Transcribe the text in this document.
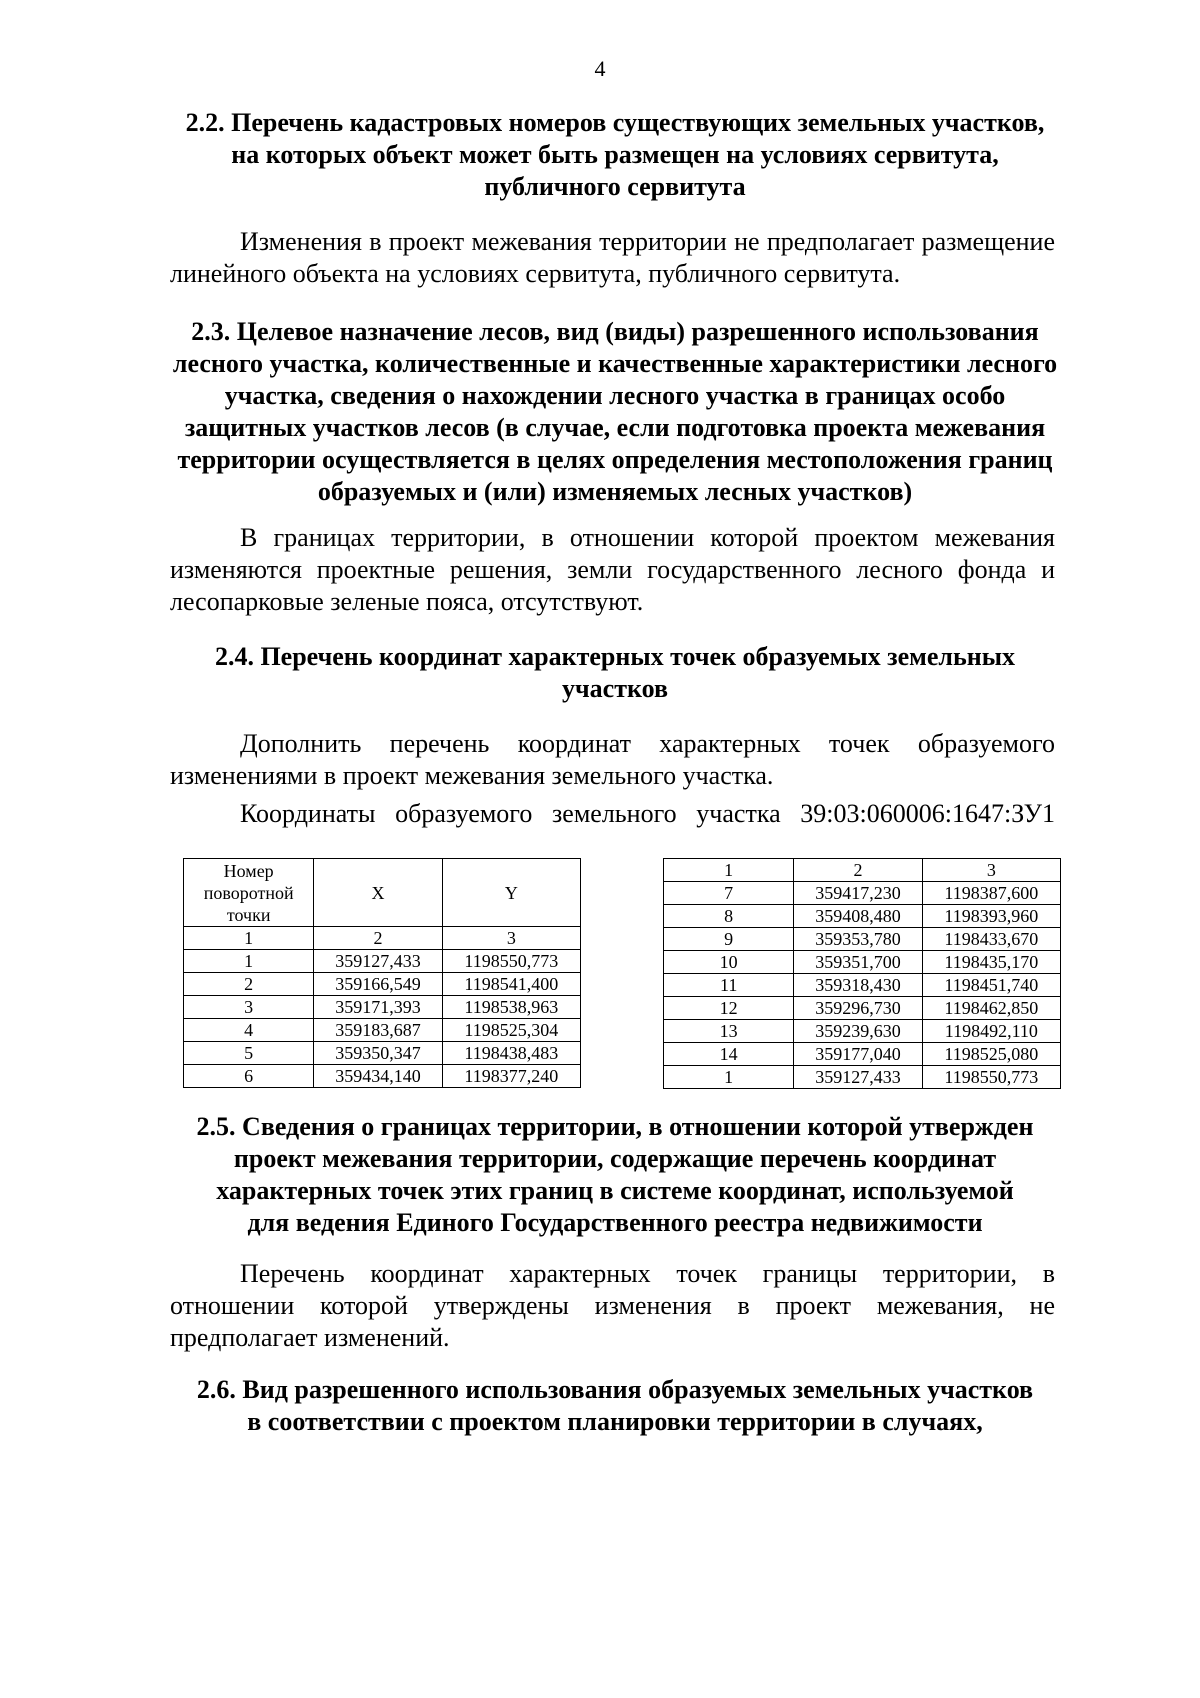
4
2.2. Перечень кадастровых номеров существующих земельных участков,
на которых объект может быть размещен на условиях сервитута,
публичного сервитута
Изменения в проект межевания территории не предполагает размещение линейного объекта на условиях сервитута, публичного сервитута.
2.3. Целевое назначение лесов, вид (виды) разрешенного использования
лесного участка, количественные и качественные характеристики лесного
участка, сведения о нахождении лесного участка в границах особо
защитных участков лесов (в случае, если подготовка проекта межевания
территории осуществляется в целях определения местоположения границ
образуемых и (или) изменяемых лесных участков)
В границах территории, в отношении которой проектом межевания изменяются проектные решения, земли государственного лесного фонда и лесопарковые зеленые пояса, отсутствуют.
2.4. Перечень координат характерных точек образуемых земельных
участков
Дополнить перечень координат характерных точек образуемого изменениями в проект межевания земельного участка.
Координаты образуемого земельного участка 39:03:060006:1647:ЗУ1
Номер поворотной точки	X	Y
1	2	3
1	359127,433	1198550,773
2	359166,549	1198541,400
3	359171,393	1198538,963
4	359183,687	1198525,304
5	359350,347	1198438,483
6	359434,140	1198377,240
1	2	3
7	359417,230	1198387,600
8	359408,480	1198393,960
9	359353,780	1198433,670
10	359351,700	1198435,170
11	359318,430	1198451,740
12	359296,730	1198462,850
13	359239,630	1198492,110
14	359177,040	1198525,080
1	359127,433	1198550,773
2.5. Сведения о границах территории, в отношении которой утвержден
проект межевания территории, содержащие перечень координат
характерных точек этих границ в системе координат, используемой
для ведения Единого Государственного реестра недвижимости
Перечень координат характерных точек границы территории, в отношении которой утверждены изменения в проект межевания, не предполагает изменений.
2.6. Вид разрешенного использования образуемых земельных участков
в соответствии с проектом планировки территории в случаях,
